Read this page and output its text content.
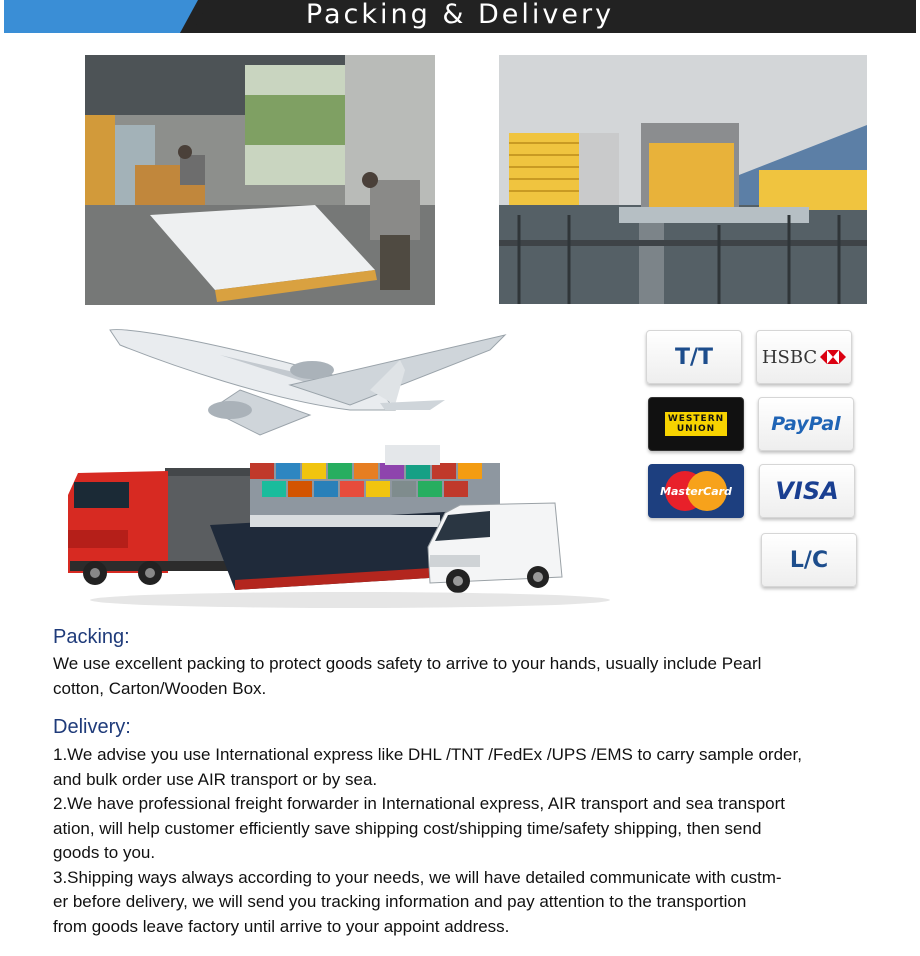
Packing & Delivery
T/T	HSBC
WESTERN
UNION	PayPal
MasterCard VISA
L/C
Packing:
We use excellent packing to protect goods safety to arrive to your hands, usually include Pearl
cotton, Carton/Wooden Box.
Delivery:
1.We advise you use International express like DHL /TNT /FedEx /UPS /EMS to carry sample order,
and bulk order use AIR transport or by sea.
2.We have professional freight forwarder in International express, AIR transport and sea transport
ation, will help customer efficiently save shipping cost/shipping time/safety shipping, then send
goods to you.
3.Shipping ways always according to your needs, we will have detailed communicate with custm-
er before delivery, we will send you tracking information and pay attention to the transportion
from goods leave factory until arrive to your appoint address.
